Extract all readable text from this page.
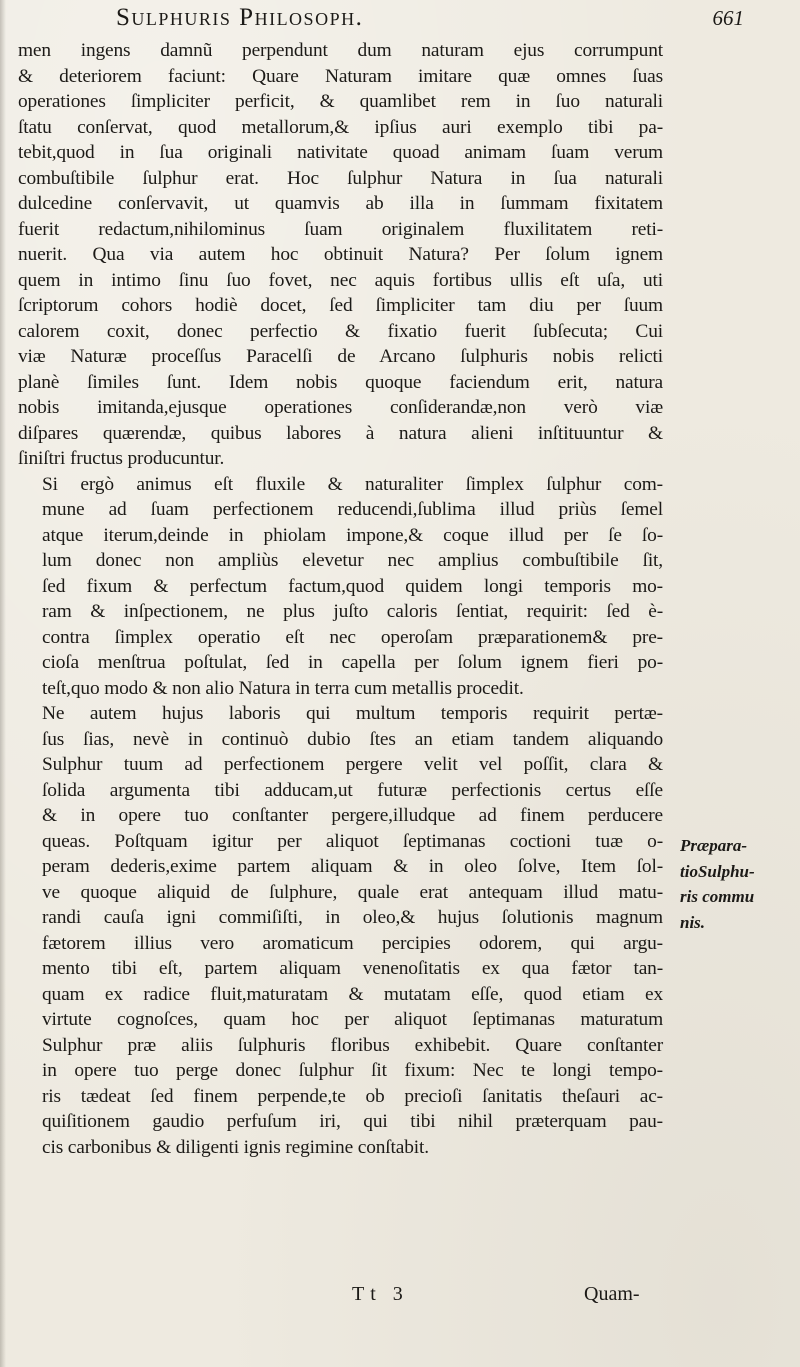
Sulphuris Philosoph.	661
men ingens damnũ perpendunt dum naturam ejus corrumpunt
& deteriorem faciunt: Quare Naturam imitare quæ omnes ſuas
operationes ſimpliciter perficit, & quamlibet rem in ſuo naturali
ſtatu conſervat, quod metallorum,& ipſius auri exemplo tibi pa-
tebit,quod in ſua originali nativitate quoad animam ſuam verum
combuſtibile ſulphur erat. Hoc ſulphur Natura in ſua naturali
dulcedine conſervavit, ut quamvis ab illa in ſummam fixitatem
fuerit redactum,nihilominus ſuam originalem fluxilitatem reti-
nuerit. Qua via autem hoc obtinuit Natura? Per ſolum ignem
quem in intimo ſinu ſuo fovet, nec aquis fortibus ullis eſt uſa, uti
ſcriptorum cohors hodiè docet, ſed ſimpliciter tam diu per ſuum
calorem coxit, donec perfectio & fixatio fuerit ſubſecuta; Cui
viæ Naturæ proceſſus Paracelſi de Arcano ſulphuris nobis relicti
planè ſimiles ſunt. Idem nobis quoque faciendum erit, natura
nobis imitanda,ejusque operationes conſiderandæ,non verò viæ
diſpares quærendæ, quibus labores à natura alieni inſtituuntur &
ſiniſtri fructus producuntur.
Si ergò animus eſt fluxile & naturaliter ſimplex ſulphur com-
mune ad ſuam perfectionem reducendi,ſublima illud priùs ſemel
atque iterum,deinde in phiolam impone,& coque illud per ſe ſo-
lum donec non ampliùs elevetur nec amplius combuſtibile ſit,
ſed fixum & perfectum factum,quod quidem longi temporis mo-
ram & inſpectionem, ne plus juſto caloris ſentiat, requirit: ſed è-
contra ſimplex operatio eſt nec operoſam præparationem& pre-
cioſa menſtrua poſtulat, ſed in capella per ſolum ignem fieri po-
teſt,quo modo & non alio Natura in terra cum metallis procedit.
Ne autem hujus laboris qui multum temporis requirit pertæ-
ſus ſias, nevè in continuò dubio ſtes an etiam tandem aliquando
Sulphur tuum ad perfectionem pergere velit vel poſſit, clara &
ſolida argumenta tibi adducam,ut futuræ perfectionis certus eſſe
& in opere tuo conſtanter pergere,illudque ad finem perducere
queas. Poſtquam igitur per aliquot ſeptimanas coctioni tuæ o-
peram dederis,exime partem aliquam & in oleo ſolve, Item ſol-
ve quoque aliquid de ſulphure, quale erat antequam illud matu-
randi cauſa igni commiſiſti, in oleo,& hujus ſolutionis magnum
fætorem illius vero aromaticum percipies odorem, qui argu-
mento tibi eſt, partem aliquam venenoſitatis ex qua fætor tan-
quam ex radice fluit,maturatam & mutatam eſſe, quod etiam ex
virtute cognoſces, quam hoc per aliquot ſeptimanas maturatum
Sulphur præ aliis ſulphuris floribus exhibebit. Quare conſtanter
in opere tuo perge donec ſulphur ſit fixum: Nec te longi tempo-
ris tædeat ſed finem perpende,te ob precioſi ſanitatis theſauri ac-
quiſitionem gaudio perfuſum iri, qui tibi nihil præterquam pau-
cis carbonibus & diligenti ignis regimine conſtabit.
Præpara-
tioSulphu-
ris commu
nis.
Tt 3	Quam-
